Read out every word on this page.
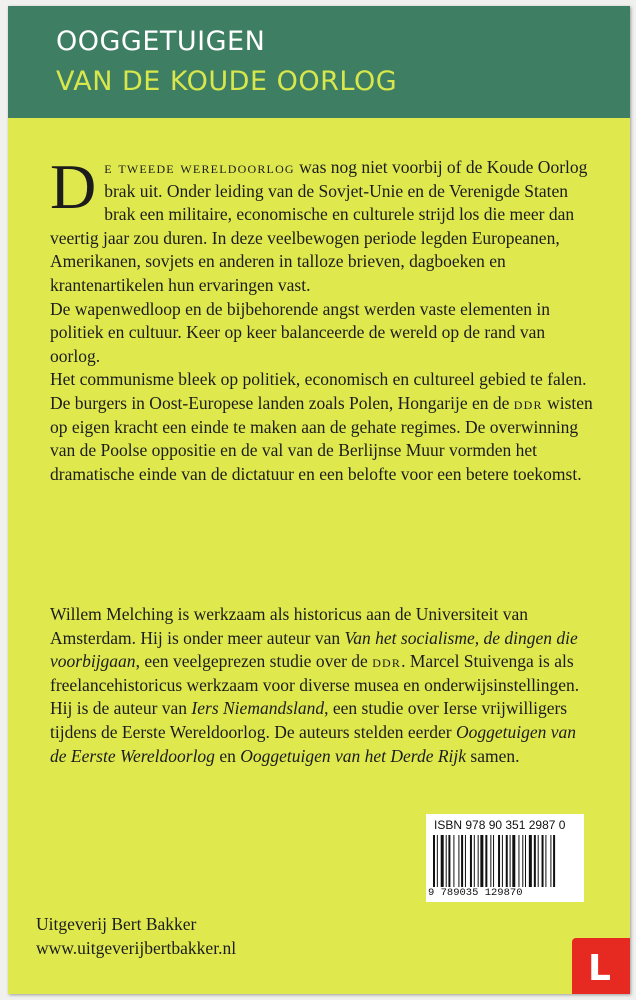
OOGGETUIGEN
VAN DE KOUDE OORLOG

De tweede wereldoorlog was nog niet voorbij of de Koude Oorlog brak uit. Onder leiding van de Sovjet-Unie en de Verenigde Staten brak een militaire, economische en culturele strijd los die meer dan veertig jaar zou duren. In deze veelbewogen periode legden Europeanen, Amerikanen, sovjets en anderen in talloze brieven, dagboeken en krantenartikelen hun ervaringen vast.

De wapenwedloop en de bijbehorende angst werden vaste elementen in politiek en cultuur. Keer op keer balanceerde de wereld op de rand van oorlog.

Het communisme bleek op politiek, economisch en cultureel gebied te falen. De burgers in Oost-Europese landen zoals Polen, Hongarije en de ddr wisten op eigen kracht een einde te maken aan de gehate regimes. De overwinning van de Poolse oppositie en de val van de Berlijnse Muur vormden het dramatische einde van de dictatuur en een belofte voor een betere toekomst.

Willem Melching is werkzaam als historicus aan de Universiteit van Amsterdam. Hij is onder meer auteur van Van het socialisme, de dingen die voorbijgaan, een veelgeprezen studie over de ddr. Marcel Stuivenga is als freelancehistoricus werkzaam voor diverse musea en onderwijsinstellingen. Hij is de auteur van Iers Niemandsland, een studie over Ierse vrijwilligers tijdens de Eerste Wereldoorlog. De auteurs stelden eerder Ooggetuigen van de Eerste Wereldoorlog en Ooggetuigen van het Derde Rijk samen.

Uitgeverij Bert Bakker
www.uitgeverijbertbakker.nl
ISBN 978 90 351 2987 0
9 789035 129870
L
